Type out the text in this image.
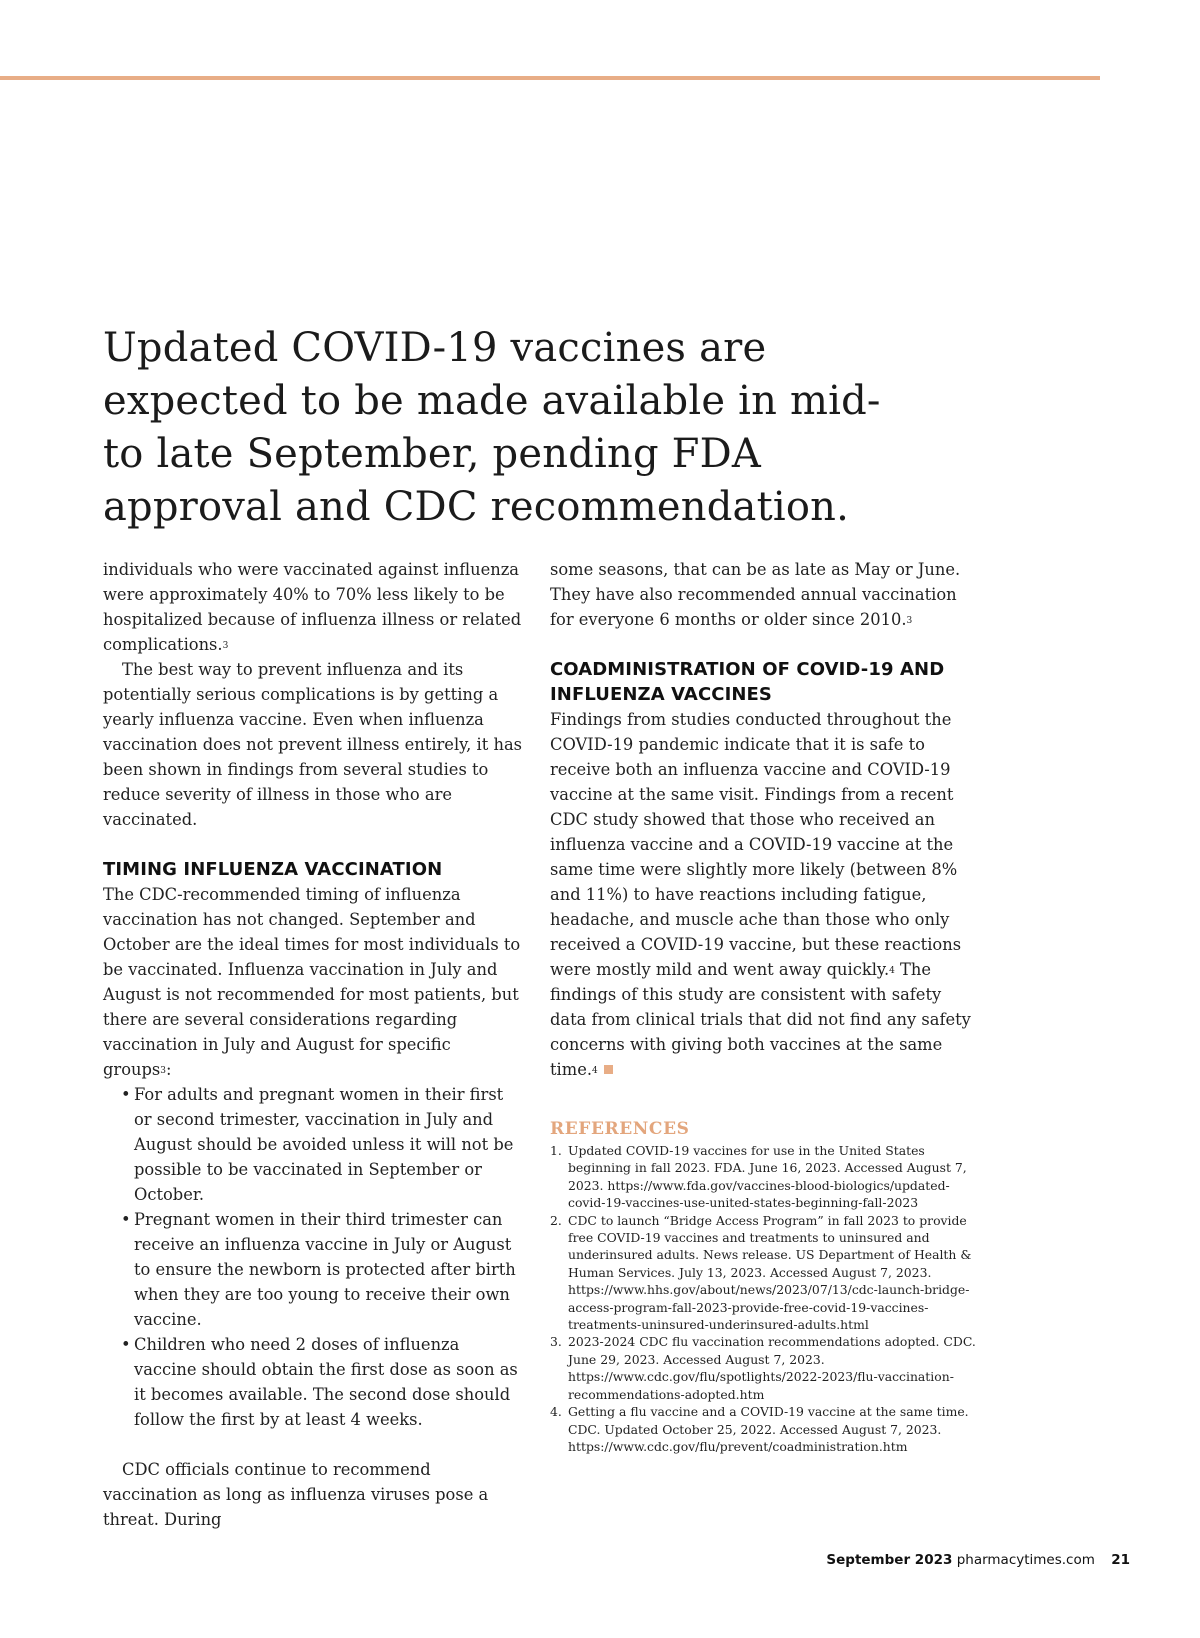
Updated COVID-19 vaccines are expected to be made available in mid- to late September, pending FDA approval and CDC recommendation.

individuals who were vaccinated against influenza were approximately 40% to 70% less likely to be hospitalized because of influenza illness or related complications.$^3$

The best way to prevent influenza and its potentially serious complications is by getting a yearly influenza vaccine. Even when influenza vaccination does not prevent illness entirely, it has been shown in findings from several studies to reduce severity of illness in those who are vaccinated.

TIMING INFLUENZA VACCINATION

The CDC-recommended timing of influenza vaccination has not changed. September and October are the ideal times for most individuals to be vaccinated. Influenza vaccination in July and August is not recommended for most patients, but there are several considerations regarding vaccination in July and August for specific groups$^3$:

• For adults and pregnant women in their first or second trimester, vaccination in July and August should be avoided unless it will not be possible to be vaccinated in September or October.
• Pregnant women in their third trimester can receive an influenza vaccine in July or August to ensure the newborn is protected after birth when they are too young to receive their own vaccine.
• Children who need 2 doses of influenza vaccine should obtain the first dose as soon as it becomes available. The second dose should follow the first by at least 4 weeks.

CDC officials continue to recommend vaccination as long as influenza viruses pose a threat. During

some seasons, that can be as late as May or June. They have also recommended annual vaccination for everyone 6 months or older since 2010.$^3$

COADMINISTRATION OF COVID-19 AND INFLUENZA VACCINES

Findings from studies conducted throughout the COVID-19 pandemic indicate that it is safe to receive both an influenza vaccine and COVID-19 vaccine at the same visit. Findings from a recent CDC study showed that those who received an influenza vaccine and a COVID-19 vaccine at the same time were slightly more likely (between 8% and 11%) to have reactions including fatigue, headache, and muscle ache than those who only received a COVID-19 vaccine, but these reactions were mostly mild and went away quickly.$^4$ The findings of this study are consistent with safety data from clinical trials that did not find any safety concerns with giving both vaccines at the same time.$^4$

REFERENCES
1. Updated COVID-19 vaccines for use in the United States beginning in fall 2023. FDA. June 16, 2023. Accessed August 7, 2023. https://www.fda.gov/vaccines-blood-biologics/updated-covid-19-vaccines-use-united-states-beginning-fall-2023
2. CDC to launch “Bridge Access Program” in fall 2023 to provide free COVID-19 vaccines and treatments to uninsured and underinsured adults. News release. US Department of Health & Human Services. July 13, 2023. Accessed August 7, 2023. https://www.hhs.gov/about/news/2023/07/13/cdc-launch-bridge-access-program-fall-2023-provide-free-covid-19-vaccines-treatments-uninsured-underinsured-adults.html
3. 2023-2024 CDC flu vaccination recommendations adopted. CDC. June 29, 2023. Accessed August 7, 2023. https://www.cdc.gov/flu/spotlights/2022-2023/flu-vaccination-recommendations-adopted.htm
4. Getting a flu vaccine and a COVID-19 vaccine at the same time. CDC. Updated October 25, 2022. Accessed August 7, 2023. https://www.cdc.gov/flu/prevent/coadministration.htm
September 2023 pharmacytimes.com 21
